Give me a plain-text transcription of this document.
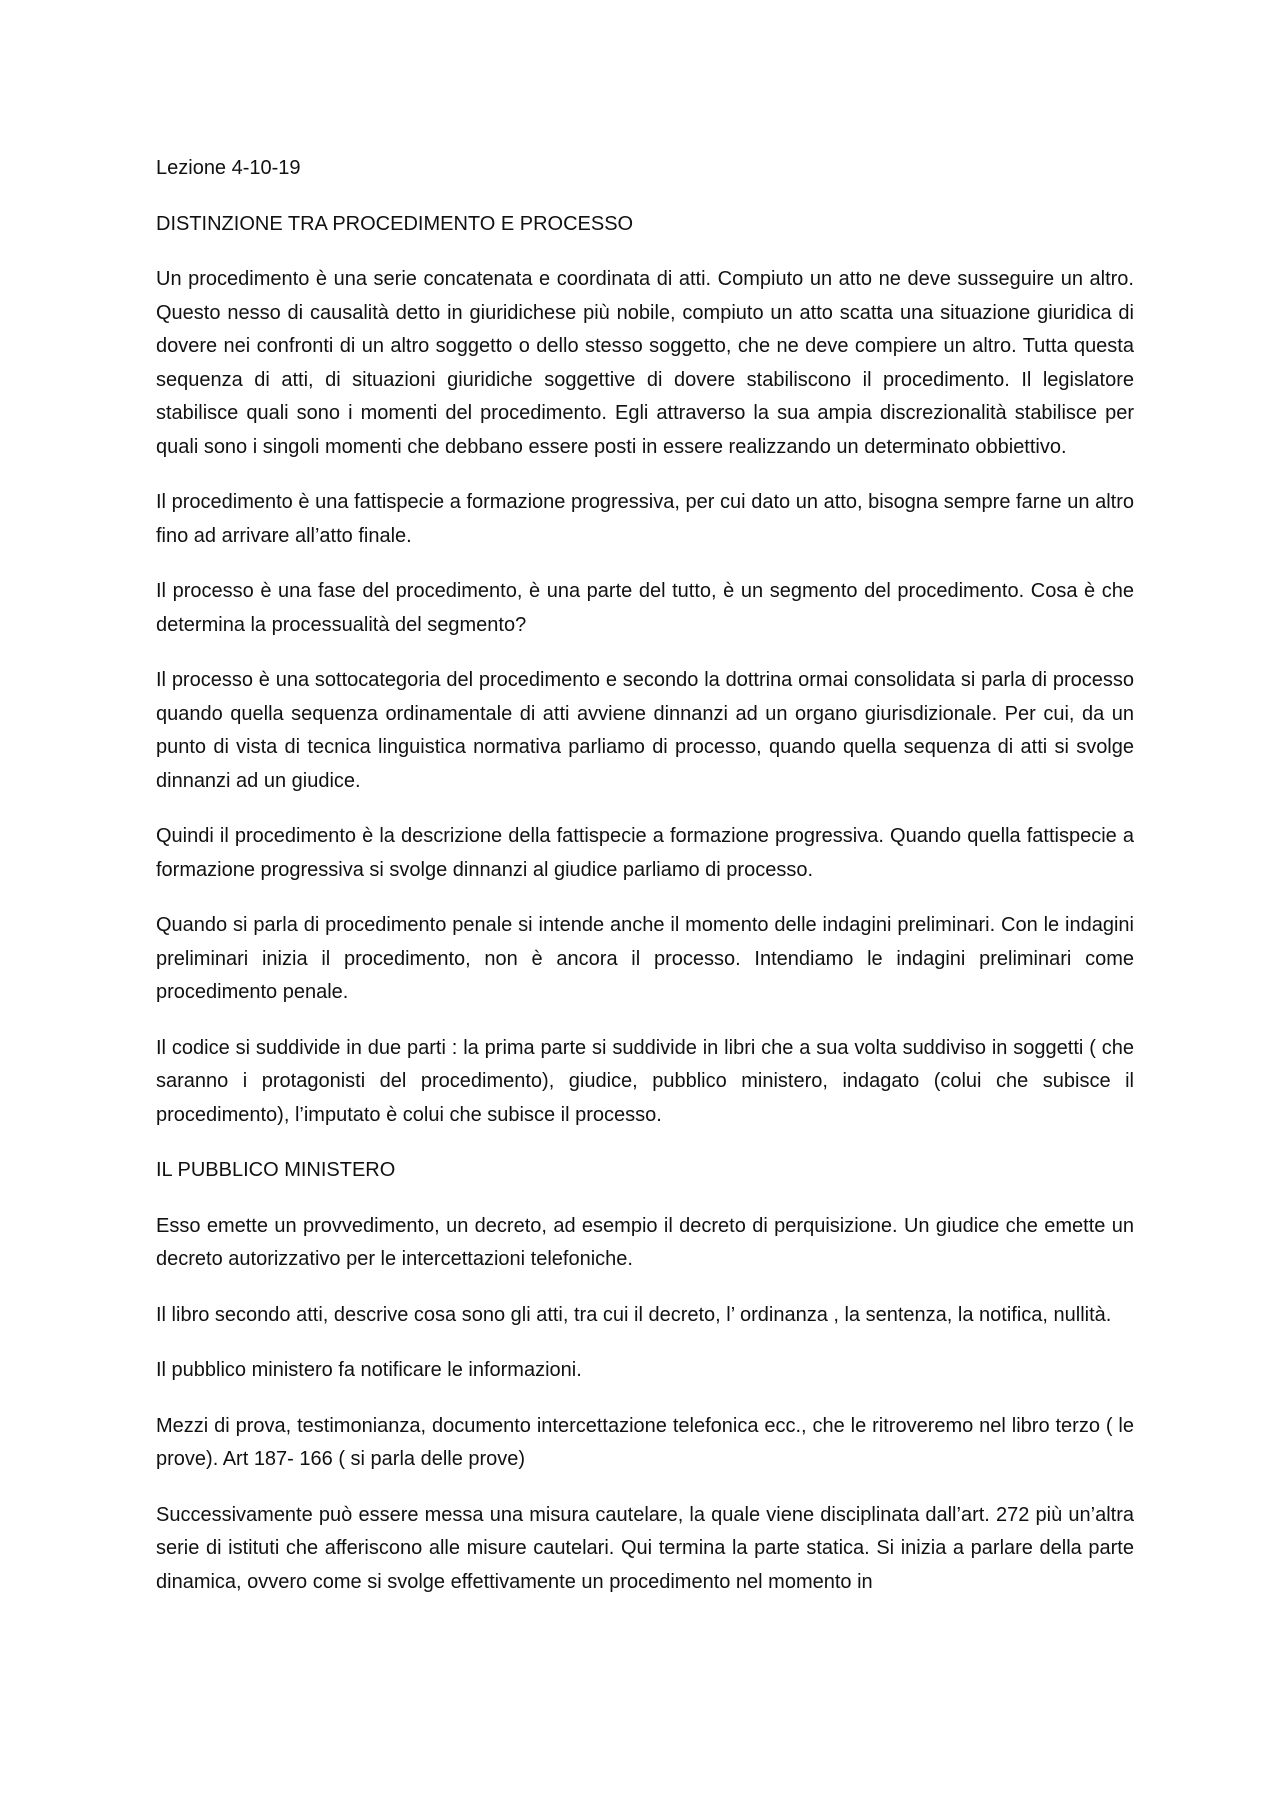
Lezione 4-10-19

DISTINZIONE TRA PROCEDIMENTO E PROCESSO

Un procedimento è una serie concatenata e coordinata di atti. Compiuto un atto ne deve susseguire un altro. Questo nesso di causalità detto in giuridichese più nobile, compiuto un atto scatta una situazione giuridica di dovere nei confronti di un altro soggetto o dello stesso soggetto, che ne deve compiere un altro. Tutta questa sequenza di atti, di situazioni giuridiche soggettive di dovere stabiliscono il procedimento. Il legislatore stabilisce quali sono i momenti del procedimento. Egli attraverso la sua ampia discrezionalità stabilisce per quali sono i singoli momenti che debbano essere posti in essere realizzando un determinato obbiettivo.

Il procedimento è una fattispecie a formazione progressiva, per cui dato un atto, bisogna sempre farne un altro fino ad arrivare all’atto finale.

Il processo è una fase del procedimento, è una parte del tutto, è un segmento del procedimento. Cosa è che determina la processualità del segmento?

Il processo è una sottocategoria del procedimento e secondo la dottrina ormai consolidata si parla di processo quando quella sequenza ordinamentale di atti avviene dinnanzi ad un organo giurisdizionale. Per cui, da un punto di vista di tecnica linguistica normativa parliamo di processo, quando quella sequenza di atti si svolge dinnanzi ad un giudice.

Quindi il procedimento è la descrizione della fattispecie a formazione progressiva. Quando quella fattispecie a formazione progressiva si svolge dinnanzi al giudice parliamo di processo.

Quando si parla di procedimento penale si intende anche il momento delle indagini preliminari. Con le indagini preliminari inizia il procedimento, non è ancora il processo. Intendiamo le indagini preliminari come procedimento penale.

Il codice si suddivide in due parti : la prima parte si suddivide in libri che a sua volta suddiviso in soggetti ( che saranno i protagonisti del procedimento), giudice, pubblico ministero, indagato (colui che subisce il procedimento), l’imputato è colui che subisce il processo.

IL PUBBLICO MINISTERO

Esso emette un provvedimento, un decreto, ad esempio il decreto di perquisizione. Un giudice che emette un decreto autorizzativo per le intercettazioni telefoniche.

Il libro secondo atti, descrive cosa sono gli atti, tra cui il decreto, l’ ordinanza , la sentenza, la notifica, nullità.

Il pubblico ministero fa notificare le informazioni.

Mezzi di prova, testimonianza, documento intercettazione telefonica ecc., che le ritroveremo nel libro terzo ( le prove). Art 187- 166 ( si parla delle prove)

Successivamente può essere messa una misura cautelare, la quale viene disciplinata dall’art. 272 più un’altra serie di istituti che afferiscono alle misure cautelari. Qui termina la parte statica. Si inizia a parlare della parte dinamica, ovvero come si svolge effettivamente un procedimento nel momento in
